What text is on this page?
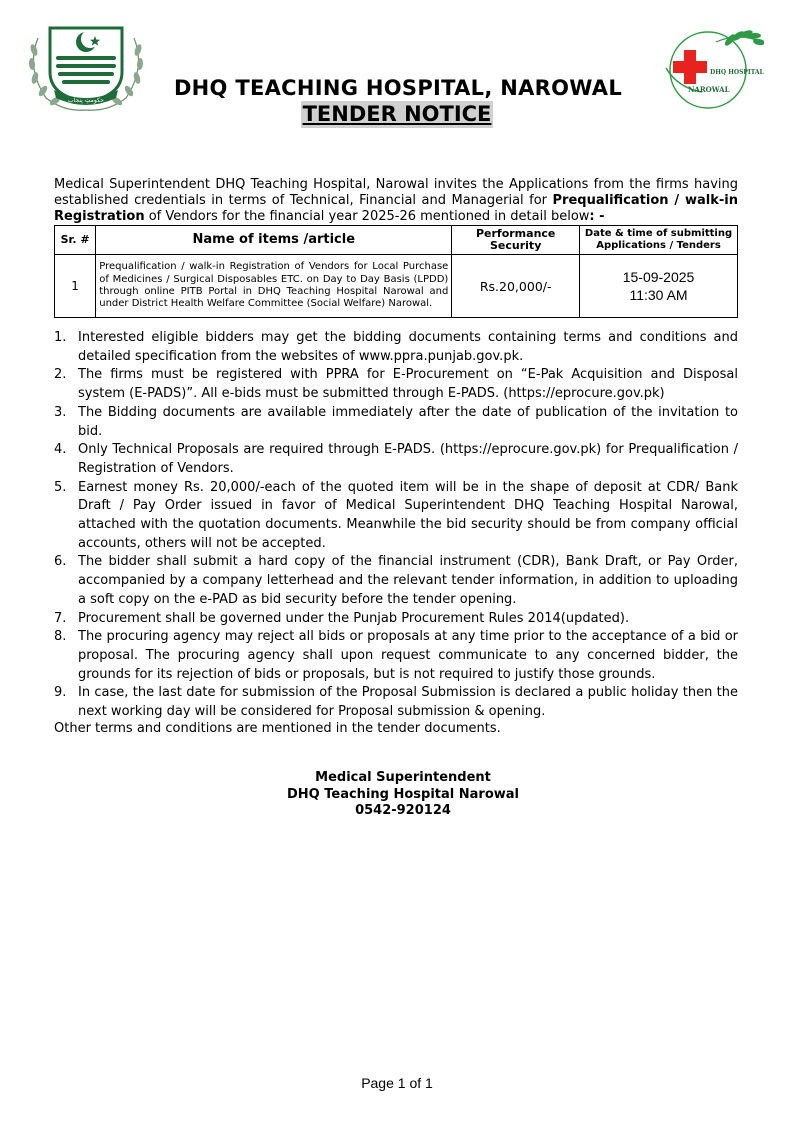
حکومتِ پنجاب
DHQ HOSPITAL
NAROWAL
DHQ TEACHING HOSPITAL, NAROWAL
TENDER NOTICE

Medical Superintendent DHQ Teaching Hospital, Narowal invites the Applications from the firms having established credentials in terms of Technical, Financial and Managerial for Prequalification / walk-in Registration of Vendors for the financial year 2025-26 mentioned in detail below: -

Sr. #	Name of items /article	Performance Security	Date & time of submitting Applications / Tenders
1	Prequalification / walk-in Registration of Vendors for Local Purchase of Medicines / Surgical Disposables ETC. on Day to Day Basis (LPDD) through online PITB Portal in DHQ Teaching Hospital Narowal and under District Health Welfare Committee (Social Welfare) Narowal.	Rs.20,000/-	15-09-2025
11:30 AM
1. Interested eligible bidders may get the bidding documents containing terms and conditions and detailed specification from the websites of www.ppra.punjab.gov.pk.
2. The firms must be registered with PPRA for E-Procurement on “E-Pak Acquisition and Disposal system (E-PADS)”. All e-bids must be submitted through E-PADS. (https://eprocure.gov.pk)
3. The Bidding documents are available immediately after the date of publication of the invitation to bid.
4. Only Technical Proposals are required through E-PADS. (https://eprocure.gov.pk) for Prequalification / Registration of Vendors.
5. Earnest money Rs. 20,000/-each of the quoted item will be in the shape of deposit at CDR/ Bank Draft / Pay Order issued in favor of Medical Superintendent DHQ Teaching Hospital Narowal, attached with the quotation documents. Meanwhile the bid security should be from company official accounts, others will not be accepted.
6. The bidder shall submit a hard copy of the financial instrument (CDR), Bank Draft, or Pay Order, accompanied by a company letterhead and the relevant tender information, in addition to uploading a soft copy on the e-PAD as bid security before the tender opening.
7. Procurement shall be governed under the Punjab Procurement Rules 2014(updated).
8. The procuring agency may reject all bids or proposals at any time prior to the acceptance of a bid or proposal. The procuring agency shall upon request communicate to any concerned bidder, the grounds for its rejection of bids or proposals, but is not required to justify those grounds.
9. In case, the last date for submission of the Proposal Submission is declared a public holiday then the next working day will be considered for Proposal submission & opening.
Other terms and conditions are mentioned in the tender documents.
Medical Superintendent
DHQ Teaching Hospital Narowal
0542-920124
Page 1 of 1
